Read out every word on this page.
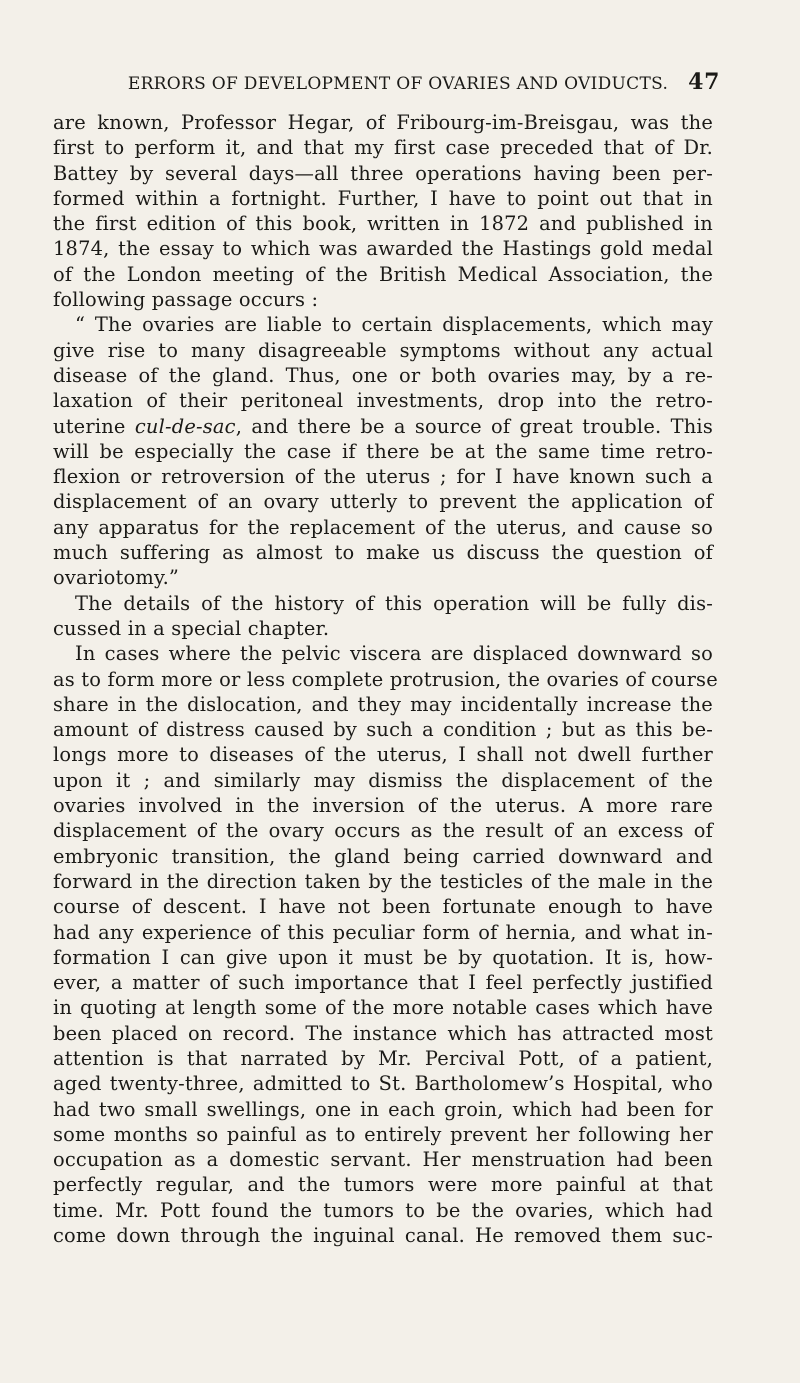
ERRORS OF DEVELOPMENT OF OVARIES AND OVIDUCTS. 47
are known, Professor Hegar, of Fribourg-im-Breisgau, was the
first to perform it, and that my first case preceded that of Dr.
Battey by several days—all three operations having been per-
formed within a fortnight. Further, I have to point out that in
the first edition of this book, written in 1872 and published in
1874, the essay to which was awarded the Hastings gold medal
of the London meeting of the British Medical Association, the
following passage occurs :
“ The ovaries are liable to certain displacements, which may
give rise to many disagreeable symptoms without any actual
disease of the gland. Thus, one or both ovaries may, by a re-
laxation of their peritoneal investments, drop into the retro-
uterine cul-de-sac, and there be a source of great trouble. This
will be especially the case if there be at the same time retro-
flexion or retroversion of the uterus ; for I have known such a
displacement of an ovary utterly to prevent the application of
any apparatus for the replacement of the uterus, and cause so
much suffering as almost to make us discuss the question of
ovariotomy.”
The details of the history of this operation will be fully dis-
cussed in a special chapter.
In cases where the pelvic viscera are displaced downward so
as to form more or less complete protrusion, the ovaries of course
share in the dislocation, and they may incidentally increase the
amount of distress caused by such a condition ; but as this be-
longs more to diseases of the uterus, I shall not dwell further
upon it ; and similarly may dismiss the displacement of the
ovaries involved in the inversion of the uterus. A more rare
displacement of the ovary occurs as the result of an excess of
embryonic transition, the gland being carried downward and
forward in the direction taken by the testicles of the male in the
course of descent. I have not been fortunate enough to have
had any experience of this peculiar form of hernia, and what in-
formation I can give upon it must be by quotation. It is, how-
ever, a matter of such importance that I feel perfectly justified
in quoting at length some of the more notable cases which have
been placed on record. The instance which has attracted most
attention is that narrated by Mr. Percival Pott, of a patient,
aged twenty-three, admitted to St. Bartholomew’s Hospital, who
had two small swellings, one in each groin, which had been for
some months so painful as to entirely prevent her following her
occupation as a domestic servant. Her menstruation had been
perfectly regular, and the tumors were more painful at that
time. Mr. Pott found the tumors to be the ovaries, which had
come down through the inguinal canal. He removed them suc-
